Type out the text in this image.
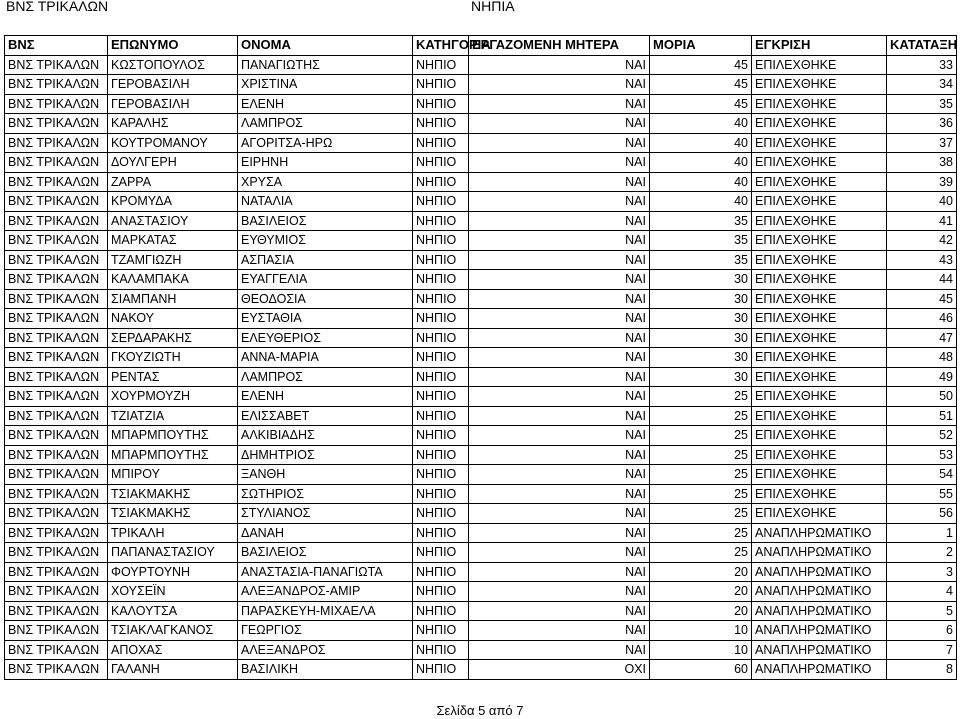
ΒΝΣ ΤΡΙΚΑΛΩΝ	ΝΗΠΙΑ
ΒΝΣ	ΕΠΩΝΥΜΟ	ΟΝΟΜΑ	ΚΑΤΗΓΟΡΙΑ	ΕΡΓΑΖΟΜΕΝΗ ΜΗΤΕΡΑ	ΜΟΡΙΑ	ΕΓΚΡΙΣΗ	ΚΑΤΑΤΑΞΗ
ΒΝΣ ΤΡΙΚΑΛΩΝ	ΚΩΣΤΟΠΟΥΛΟΣ	ΠΑΝΑΓΙΩΤΗΣ	ΝΗΠΙΟ	ΝΑΙ	45	ΕΠΙΛΕΧΘΗΚΕ	33
ΒΝΣ ΤΡΙΚΑΛΩΝ	ΓΕΡΟΒΑΣΙΛΗ	ΧΡΙΣΤΙΝΑ	ΝΗΠΙΟ	ΝΑΙ	45	ΕΠΙΛΕΧΘΗΚΕ	34
ΒΝΣ ΤΡΙΚΑΛΩΝ	ΓΕΡΟΒΑΣΙΛΗ	ΕΛΕΝΗ	ΝΗΠΙΟ	ΝΑΙ	45	ΕΠΙΛΕΧΘΗΚΕ	35
ΒΝΣ ΤΡΙΚΑΛΩΝ	ΚΑΡΑΛΗΣ	ΛΑΜΠΡΟΣ	ΝΗΠΙΟ	ΝΑΙ	40	ΕΠΙΛΕΧΘΗΚΕ	36
ΒΝΣ ΤΡΙΚΑΛΩΝ	ΚΟΥΤΡΟΜΑΝΟΥ	ΑΓΟΡΙΤΣΑ-ΗΡΩ	ΝΗΠΙΟ	ΝΑΙ	40	ΕΠΙΛΕΧΘΗΚΕ	37
ΒΝΣ ΤΡΙΚΑΛΩΝ	ΔΟΥΛΓΕΡΗ	ΕΙΡΗΝΗ	ΝΗΠΙΟ	ΝΑΙ	40	ΕΠΙΛΕΧΘΗΚΕ	38
ΒΝΣ ΤΡΙΚΑΛΩΝ	ΖΑΡΡΑ	ΧΡΥΣΑ	ΝΗΠΙΟ	ΝΑΙ	40	ΕΠΙΛΕΧΘΗΚΕ	39
ΒΝΣ ΤΡΙΚΑΛΩΝ	ΚΡΟΜΥΔΑ	ΝΑΤΑΛΙΑ	ΝΗΠΙΟ	ΝΑΙ	40	ΕΠΙΛΕΧΘΗΚΕ	40
ΒΝΣ ΤΡΙΚΑΛΩΝ	ΑΝΑΣΤΑΣΙΟΥ	ΒΑΣΙΛΕΙΟΣ	ΝΗΠΙΟ	ΝΑΙ	35	ΕΠΙΛΕΧΘΗΚΕ	41
ΒΝΣ ΤΡΙΚΑΛΩΝ	ΜΑΡΚΑΤΑΣ	ΕΥΘΥΜΙΟΣ	ΝΗΠΙΟ	ΝΑΙ	35	ΕΠΙΛΕΧΘΗΚΕ	42
ΒΝΣ ΤΡΙΚΑΛΩΝ	ΤΖΑΜΓΙΩΖΗ	ΑΣΠΑΣΙΑ	ΝΗΠΙΟ	ΝΑΙ	35	ΕΠΙΛΕΧΘΗΚΕ	43
ΒΝΣ ΤΡΙΚΑΛΩΝ	ΚΑΛΑΜΠΑΚΑ	ΕΥΑΓΓΕΛΙΑ	ΝΗΠΙΟ	ΝΑΙ	30	ΕΠΙΛΕΧΘΗΚΕ	44
ΒΝΣ ΤΡΙΚΑΛΩΝ	ΣΙΑΜΠΑΝΗ	ΘΕΟΔΟΣΙΑ	ΝΗΠΙΟ	ΝΑΙ	30	ΕΠΙΛΕΧΘΗΚΕ	45
ΒΝΣ ΤΡΙΚΑΛΩΝ	ΝΑΚΟΥ	ΕΥΣΤΑΘΙΑ	ΝΗΠΙΟ	ΝΑΙ	30	ΕΠΙΛΕΧΘΗΚΕ	46
ΒΝΣ ΤΡΙΚΑΛΩΝ	ΣΕΡΔΑΡΑΚΗΣ	ΕΛΕΥΘΕΡΙΟΣ	ΝΗΠΙΟ	ΝΑΙ	30	ΕΠΙΛΕΧΘΗΚΕ	47
ΒΝΣ ΤΡΙΚΑΛΩΝ	ΓΚΟΥΖΙΩΤΗ	ΑΝΝΑ-ΜΑΡΙΑ	ΝΗΠΙΟ	ΝΑΙ	30	ΕΠΙΛΕΧΘΗΚΕ	48
ΒΝΣ ΤΡΙΚΑΛΩΝ	ΡΕΝΤΑΣ	ΛΑΜΠΡΟΣ	ΝΗΠΙΟ	ΝΑΙ	30	ΕΠΙΛΕΧΘΗΚΕ	49
ΒΝΣ ΤΡΙΚΑΛΩΝ	ΧΟΥΡΜΟΥΖΗ	ΕΛΕΝΗ	ΝΗΠΙΟ	ΝΑΙ	25	ΕΠΙΛΕΧΘΗΚΕ	50
ΒΝΣ ΤΡΙΚΑΛΩΝ	ΤΖΙΑΤΖΙΑ	ΕΛΙΣΣΑΒΕΤ	ΝΗΠΙΟ	ΝΑΙ	25	ΕΠΙΛΕΧΘΗΚΕ	51
ΒΝΣ ΤΡΙΚΑΛΩΝ	ΜΠΑΡΜΠΟΥΤΗΣ	ΑΛΚΙΒΙΑΔΗΣ	ΝΗΠΙΟ	ΝΑΙ	25	ΕΠΙΛΕΧΘΗΚΕ	52
ΒΝΣ ΤΡΙΚΑΛΩΝ	ΜΠΑΡΜΠΟΥΤΗΣ	ΔΗΜΗΤΡΙΟΣ	ΝΗΠΙΟ	ΝΑΙ	25	ΕΠΙΛΕΧΘΗΚΕ	53
ΒΝΣ ΤΡΙΚΑΛΩΝ	ΜΠΙΡΟΥ	ΞΑΝΘΗ	ΝΗΠΙΟ	ΝΑΙ	25	ΕΠΙΛΕΧΘΗΚΕ	54
ΒΝΣ ΤΡΙΚΑΛΩΝ	ΤΣΙΑΚΜΑΚΗΣ	ΣΩΤΗΡΙΟΣ	ΝΗΠΙΟ	ΝΑΙ	25	ΕΠΙΛΕΧΘΗΚΕ	55
ΒΝΣ ΤΡΙΚΑΛΩΝ	ΤΣΙΑΚΜΑΚΗΣ	ΣΤΥΛΙΑΝΟΣ	ΝΗΠΙΟ	ΝΑΙ	25	ΕΠΙΛΕΧΘΗΚΕ	56
ΒΝΣ ΤΡΙΚΑΛΩΝ	ΤΡΙΚΑΛΗ	ΔΑΝΑΗ	ΝΗΠΙΟ	ΝΑΙ	25	ΑΝΑΠΛΗΡΩΜΑΤΙΚΟ	1
ΒΝΣ ΤΡΙΚΑΛΩΝ	ΠΑΠΑΝΑΣΤΑΣΙΟΥ	ΒΑΣΙΛΕΙΟΣ	ΝΗΠΙΟ	ΝΑΙ	25	ΑΝΑΠΛΗΡΩΜΑΤΙΚΟ	2
ΒΝΣ ΤΡΙΚΑΛΩΝ	ΦΟΥΡΤΟΥΝΗ	ΑΝΑΣΤΑΣΙΑ-ΠΑΝΑΓΙΩΤΑ	ΝΗΠΙΟ	ΝΑΙ	20	ΑΝΑΠΛΗΡΩΜΑΤΙΚΟ	3
ΒΝΣ ΤΡΙΚΑΛΩΝ	ΧΟΥΣΕΪΝ	ΑΛΕΞΑΝΔΡΟΣ-ΑΜΙΡ	ΝΗΠΙΟ	ΝΑΙ	20	ΑΝΑΠΛΗΡΩΜΑΤΙΚΟ	4
ΒΝΣ ΤΡΙΚΑΛΩΝ	ΚΑΛΟΥΤΣΑ	ΠΑΡΑΣΚΕΥΗ-ΜΙΧΑΕΛΑ	ΝΗΠΙΟ	ΝΑΙ	20	ΑΝΑΠΛΗΡΩΜΑΤΙΚΟ	5
ΒΝΣ ΤΡΙΚΑΛΩΝ	ΤΣΙΑΚΛΑΓΚΑΝΟΣ	ΓΕΩΡΓΙΟΣ	ΝΗΠΙΟ	ΝΑΙ	10	ΑΝΑΠΛΗΡΩΜΑΤΙΚΟ	6
ΒΝΣ ΤΡΙΚΑΛΩΝ	ΑΠΟΧΑΣ	ΑΛΕΞΑΝΔΡΟΣ	ΝΗΠΙΟ	ΝΑΙ	10	ΑΝΑΠΛΗΡΩΜΑΤΙΚΟ	7
ΒΝΣ ΤΡΙΚΑΛΩΝ	ΓΑΛΑΝΗ	ΒΑΣΙΛΙΚΗ	ΝΗΠΙΟ	ΟΧΙ	60	ΑΝΑΠΛΗΡΩΜΑΤΙΚΟ	8
Σελίδα 5 από 7
